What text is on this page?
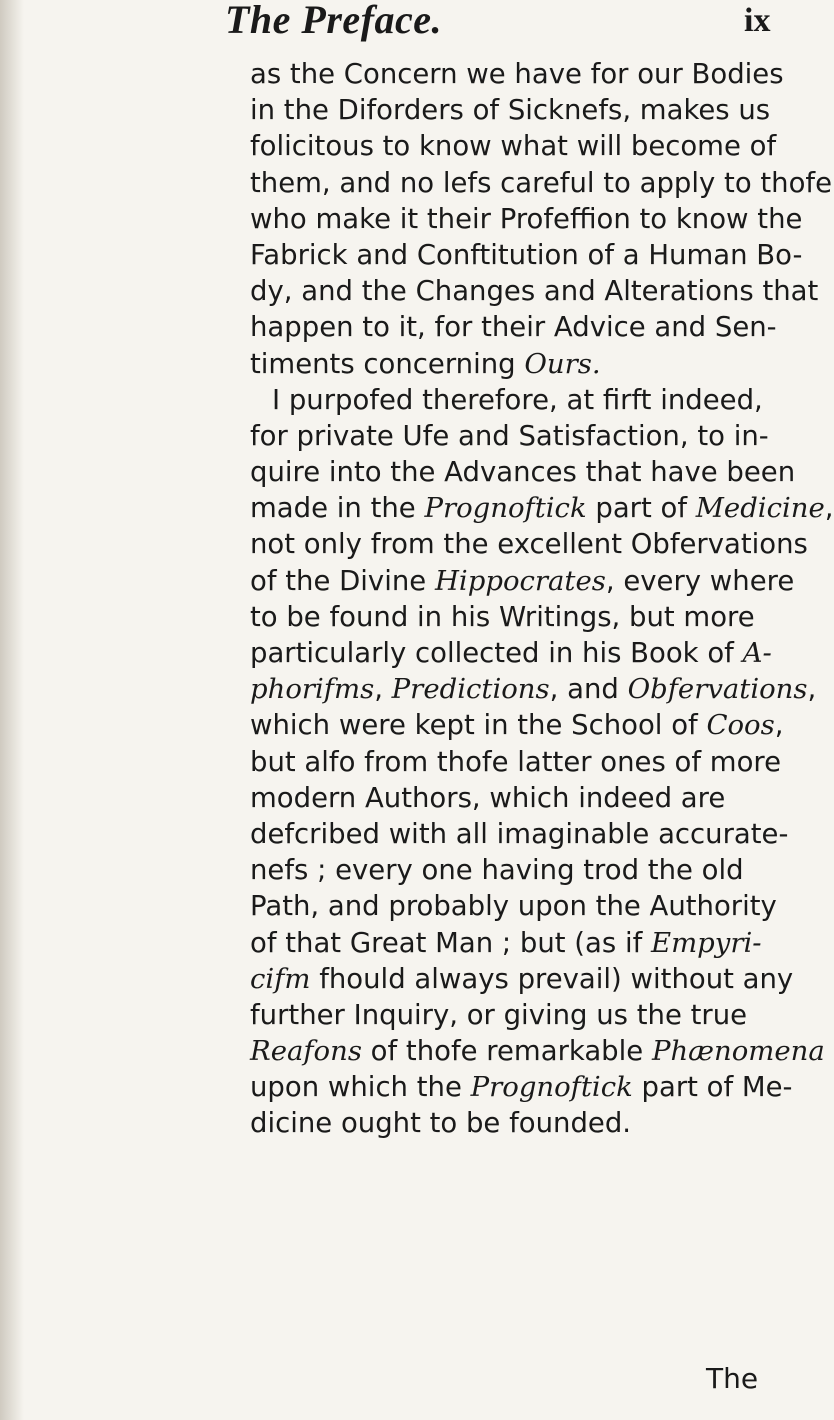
The Preface.	ix
as the Concern we have for our Bodies
in the Diforders of Sicknefs, makes us
folicitous to know what will become of
them, and no lefs careful to apply to thofe
who make it their Profeffion to know the
Fabrick and Conftitution of a Human Bo-
dy, and the Changes and Alterations that
happen to it, for their Advice and Sen-
timents concerning Ours.
I purpofed therefore, at firft indeed,
for private Ufe and Satisfaction, to in-
quire into the Advances that have been
made in the Prognoftick part of Medicine,
not only from the excellent Obfervations
of the Divine Hippocrates, every where
to be found in his Writings, but more
particularly collected in his Book of A-
phorifms, Predictions, and Obfervations,
which were kept in the School of Coos,
but alfo from thofe latter ones of more
modern Authors, which indeed are
defcribed with all imaginable accurate-
nefs ; every one having trod the old
Path, and probably upon the Authority
of that Great Man ; but (as if Empyri-
cifm fhould always prevail) without any
further Inquiry, or giving us the true
Reafons of thofe remarkable Phænomena
upon which the Prognoftick part of Me-
dicine ought to be founded.
The
